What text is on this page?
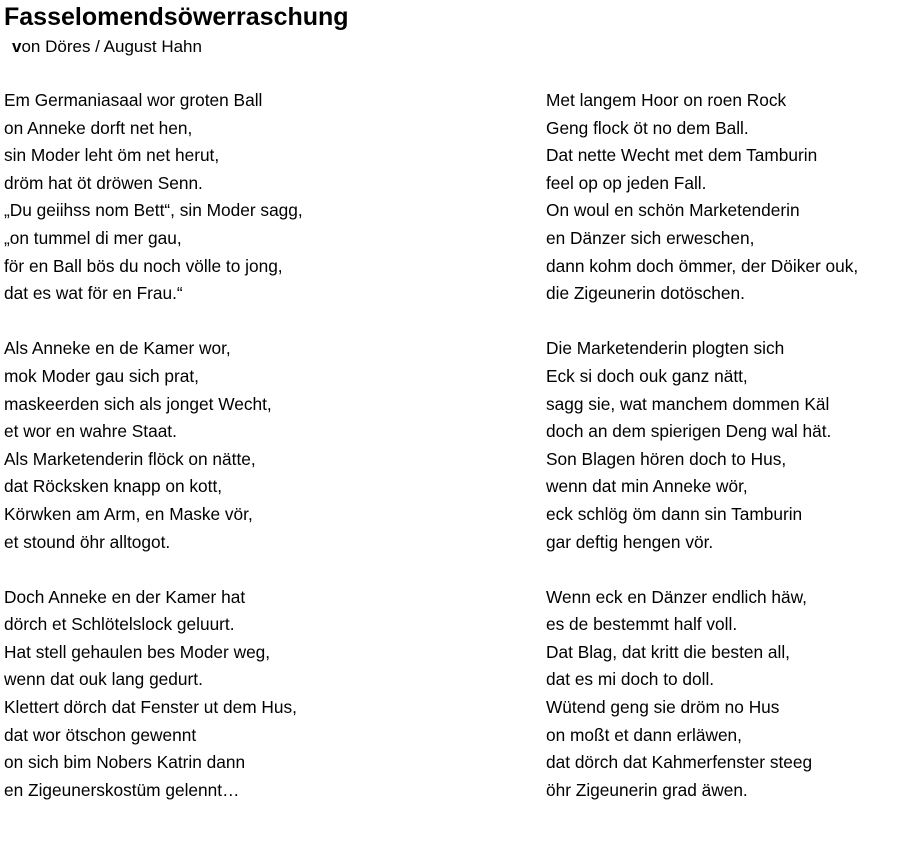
Fasselomendsöwerraschung
von Döres / August Hahn
Em Germaniasaal wor groten Ball
on Anneke dorft net hen,
sin Moder leht öm net herut,
dröm hat öt dröwen Senn.
„Du geiihss nom Bett“, sin Moder sagg,
„on tummel di mer gau,
för en Ball bös du noch völle to jong,
dat es wat för en Frau.“
Als Anneke en de Kamer wor,
mok Moder gau sich prat,
maskeerden sich als jonget Wecht,
et wor en wahre Staat.
Als Marketenderin flöck on nätte,
dat Röcksken knapp on kott,
Körwken am Arm, en Maske vör,
et stound öhr alltogot.
Doch Anneke en der Kamer hat
dörch et Schlötelslock geluurt.
Hat stell gehaulen bes Moder weg,
wenn dat ouk lang gedurt.
Klettert dörch dat Fenster ut dem Hus,
dat wor ötschon gewennt
on sich bim Nobers Katrin dann
en Zigeunerskostüm gelennt…
Met langem Hoor on roen Rock
Geng flock öt no dem Ball.
Dat nette Wecht met dem Tamburin
feel op op jeden Fall.
On woul en schön Marketenderin
en Dänzer sich erweschen,
dann kohm doch ömmer, der Döiker ouk,
die Zigeunerin dotöschen.
Die Marketenderin plogten sich
Eck si doch ouk ganz nätt,
sagg sie, wat manchem dommen Käl
doch an dem spierigen Deng wal hät.
Son Blagen hören doch to Hus,
wenn dat min Anneke wör,
eck schlög öm dann sin Tamburin
gar deftig hengen vör.
Wenn eck en Dänzer endlich häw,
es de bestemmt half voll.
Dat Blag, dat kritt die besten all,
dat es mi doch to doll.
Wütend geng sie dröm no Hus
on moßt et dann erläwen,
dat dörch dat Kahmerfenster steeg
öhr Zigeunerin grad äwen.
